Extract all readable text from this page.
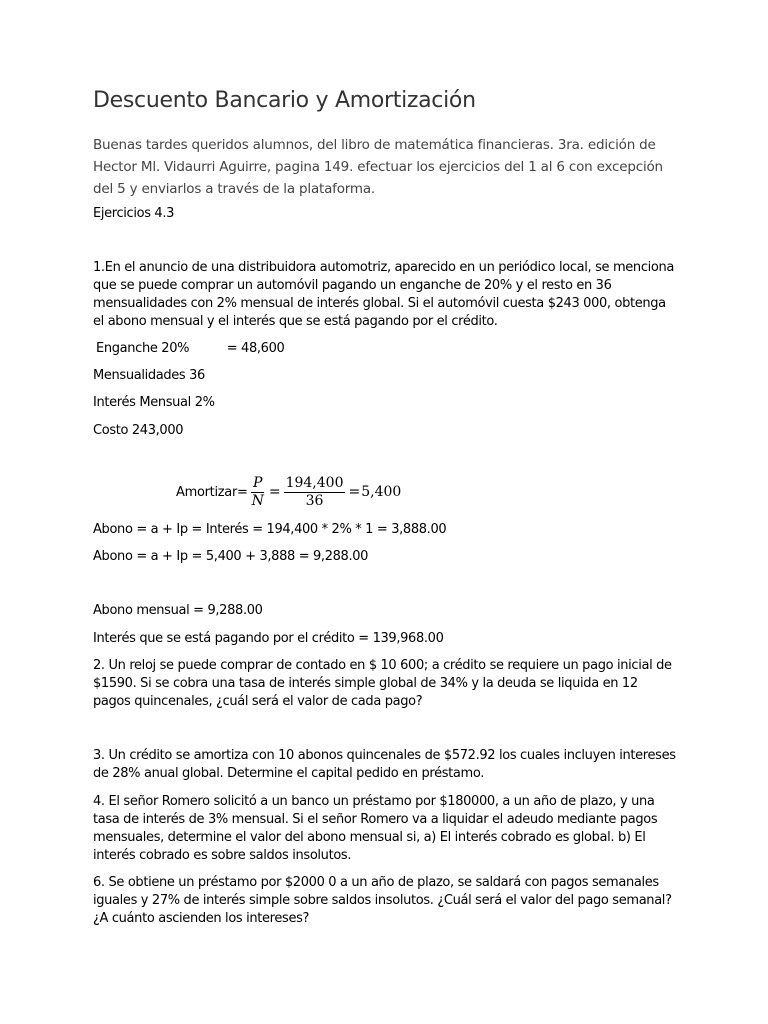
Descuento Bancario y Amortización

Buenas tardes queridos alumnos, del libro de matemática financieras. 3ra. edición de Hector Ml. Vidaurri Aguirre, pagina 149. efectuar los ejercicios del 1 al 6 con excepción del 5 y enviarlos a través de la plataforma.

Ejercicios 4.3

1.En el anuncio de una distribuidora automotriz, aparecido en un periódico local, se menciona que se puede comprar un automóvil pagando un enganche de 20% y el resto en 36 mensualidades con 2% mensual de interés global. Si el automóvil cuesta $243 000, obtenga el abono mensual y el interés que se está pagando por el crédito.

Enganche 20%	= 48,600

Mensualidades 36

Interés Mensual 2%

Costo 243,000

Amortizar= $\frac{P}{N} = \frac{194,400}{36} = 5,400$

Abono = a + Ip = Interés = 194,400 * 2% * 1 = 3,888.00

Abono = a + Ip = 5,400 + 3,888 = 9,288.00

Abono mensual = 9,288.00

Interés que se está pagando por el crédito = 139,968.00

2. Un reloj se puede comprar de contado en $ 10 600; a crédito se requiere un pago inicial de $1590. Si se cobra una tasa de interés simple global de 34% y la deuda se liquida en 12 pagos quincenales, ¿cuál será el valor de cada pago?

3. Un crédito se amortiza con 10 abonos quincenales de $572.92 los cuales incluyen intereses de 28% anual global. Determine el capital pedido en préstamo.

4. El señor Romero solicitó a un banco un préstamo por $180000, a un año de plazo, y una tasa de interés de 3% mensual. Si el señor Romero va a liquidar el adeudo mediante pagos mensuales, determine el valor del abono mensual si, a) El interés cobrado es global. b) El interés cobrado es sobre saldos insolutos.

6. Se obtiene un préstamo por $2000 0 a un año de plazo, se saldará con pagos semanales iguales y 27% de interés simple sobre saldos insolutos. ¿Cuál será el valor del pago semanal? ¿A cuánto ascienden los intereses?
